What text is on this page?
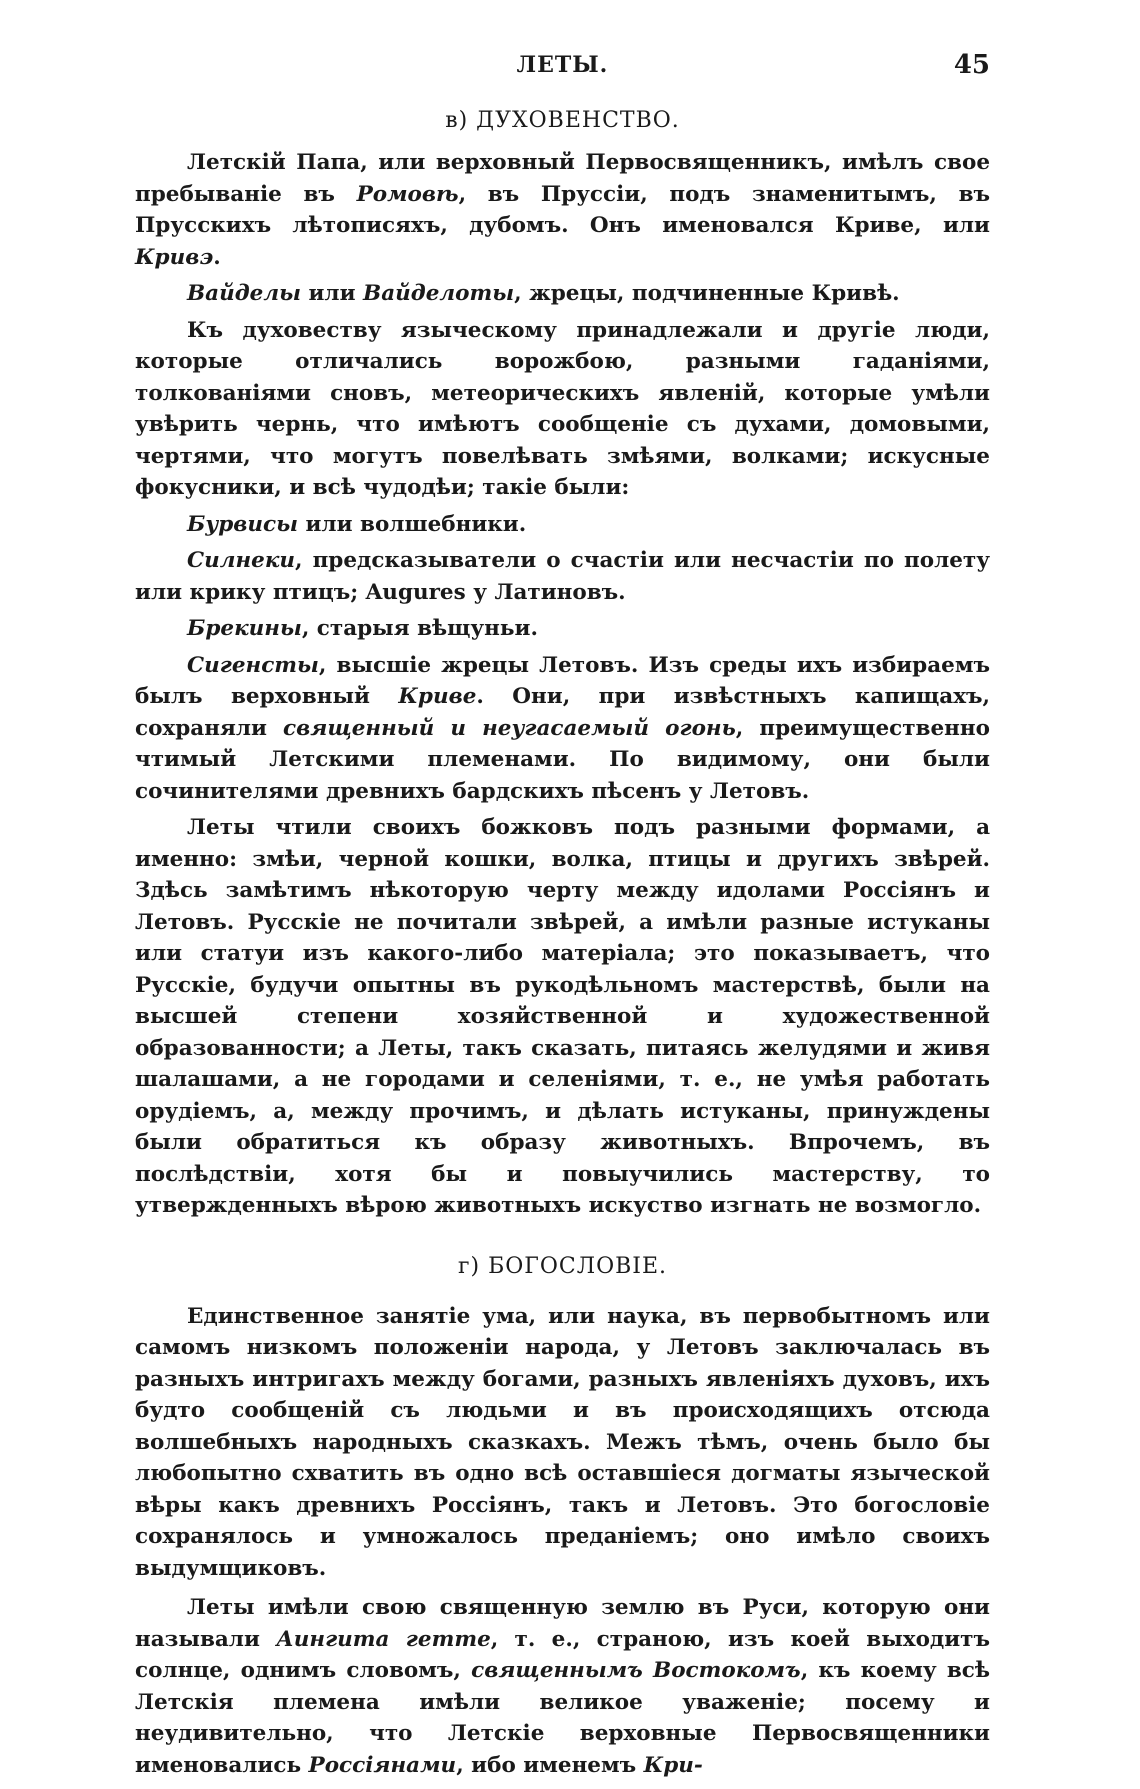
ЛЕТЫ.	45
в) ДУХОВЕНСТВО.

Летскій Папа, или верховный Первосвященникъ, имѣлъ свое пребываніе въ Ромовѣ, въ Пруссіи, подъ знаменитымъ, въ Прусскихъ лѣтописяхъ, дубомъ. Онъ именовался Криве, или Кривэ.

Вайделы или Вайделоты, жрецы, подчиненные Кривѣ.

Къ духовеству языческому принадлежали и другіе люди, которые отличались ворожбою, разными гаданіями, толкованіями сновъ, метеорическихъ явленій, которые умѣли увѣрить чернь, что имѣютъ сообщеніе съ духами, домовыми, чертями, что могутъ повелѣвать змѣями, волками; искусные фокусники, и всѣ чудодѣи; такіе были:

Бурвисы или волшебники.

Силнеки, предсказыватели о счастіи или несчастіи по полету или крику птицъ; Augures у Латиновъ.

Брекины, старыя вѣщуньи.

Сигенсты, высшіе жрецы Летовъ. Изъ среды ихъ избираемъ былъ верховный Криве. Они, при извѣстныхъ капищахъ, сохраняли священный и неугасаемый огонь, преимущественно чтимый Летскими племенами. По видимому, они были сочинителями древнихъ бардскихъ пѣсенъ у Летовъ.

Леты чтили своихъ божковъ подъ разными формами, а именно: змѣи, черной кошки, волка, птицы и другихъ звѣрей. Здѣсь замѣтимъ нѣкоторую черту между идолами Россіянъ и Летовъ. Русскіе не почитали звѣрей, а имѣли разные истуканы или статуи изъ какого-либо матеріала; это показываетъ, что Русскіе, будучи опытны въ рукодѣльномъ мастерствѣ, были на высшей степени хозяйственной и художественной образованности; а Леты, такъ сказать, питаясь желудями и живя шалашами, а не городами и селеніями, т. е., не умѣя работать орудіемъ, а, между прочимъ, и дѣлать истуканы, принуждены были обратиться къ образу животныхъ. Впрочемъ, въ послѣдствіи, хотя бы и повыучились мастерству, то утвержденныхъ вѣрою животныхъ искуство изгнать не возмогло.

г) БОГОСЛОВІЕ.

Единственное занятіе ума, или наука, въ первобытномъ или самомъ низкомъ положеніи народа, у Летовъ заключалась въ разныхъ интригахъ между богами, разныхъ явленіяхъ духовъ, ихъ будто сообщеній съ людьми и въ происходящихъ отсюда волшебныхъ народныхъ сказкахъ. Межъ тѣмъ, очень было бы любопытно схватить въ одно всѣ оставшіеся догматы языческой вѣры какъ древнихъ Россіянъ, такъ и Летовъ. Это богословіе сохранялось и умножалось преданіемъ; оно имѣло своихъ выдумщиковъ.

Леты имѣли свою священную землю въ Руси, которую они называли Аингита геттe, т. е., страною, изъ коей выходитъ солнце, однимъ словомъ, священнымъ Востокомъ, къ коему всѣ Летскія племена имѣли великое уваженіе; посему и неудивительно, что Летскіе верховные Первосвященники именовались Россіянами, ибо именемъ Кри-
